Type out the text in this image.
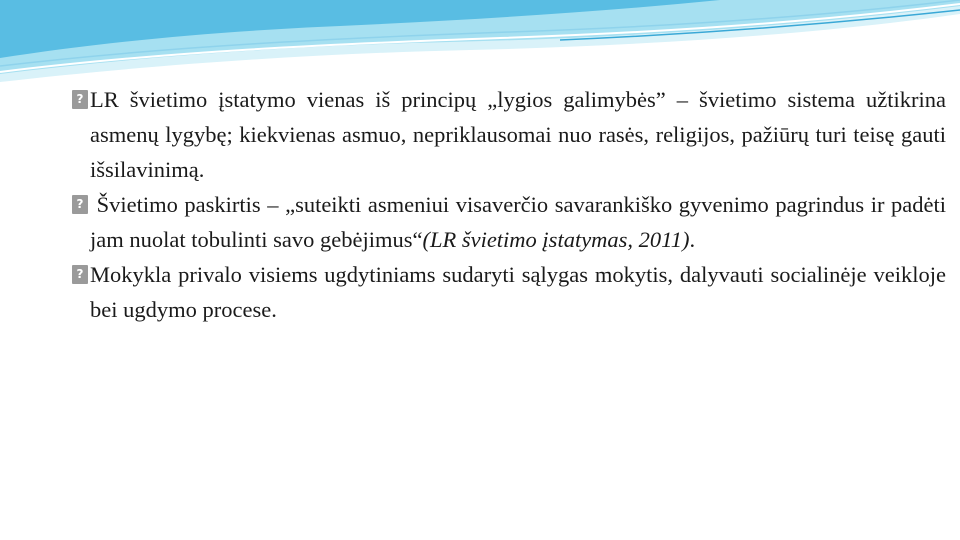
?LR švietimo įstatymo vienas iš principų „lygios galimybės” – švietimo sistema užtikrina asmenų lygybę; kiekvienas asmuo, nepriklausomai nuo rasės, religijos, pažiūrų turi teisę gauti išsilavinimą.

? Švietimo paskirtis – „suteikti asmeniui visaverčio savarankiško gyvenimo pagrindus ir padėti jam nuolat tobulinti savo gebėjimus“(LR švietimo įstatymas, 2011).

?Mokykla privalo visiems ugdytiniams sudaryti sąlygas mokytis, dalyvauti socialinėje veikloje bei ugdymo procese.
